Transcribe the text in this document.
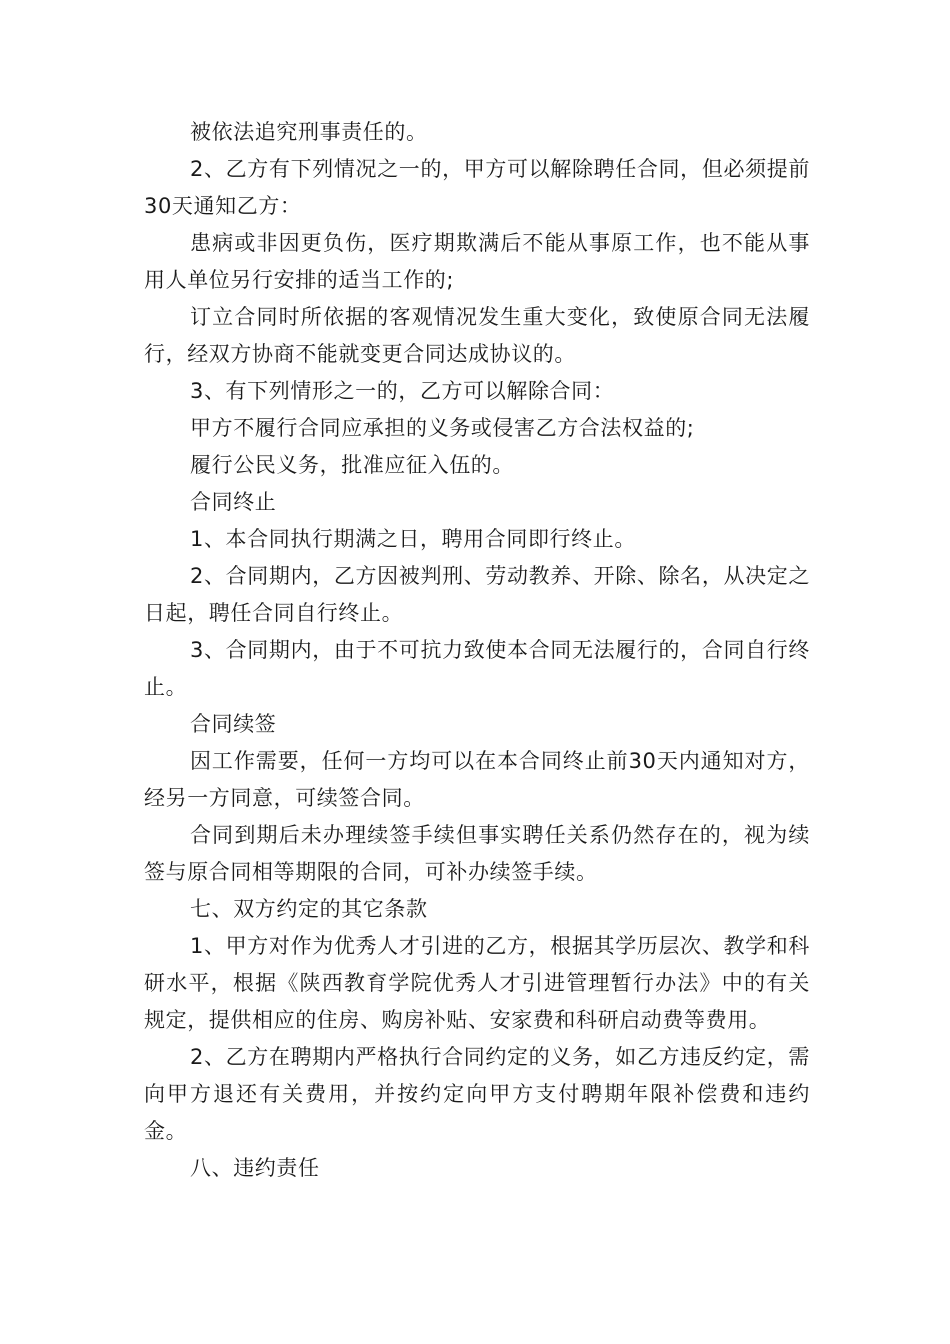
被依法追究刑事责任的。

2、乙方有下列情况之一的，甲方可以解除聘任合同，但必须提前30天通知乙方：

患病或非因更负伤，医疗期欺满后不能从事原工作，也不能从事用人单位另行安排的适当工作的;

订立合同时所依据的客观情况发生重大变化，致使原合同无法履行，经双方协商不能就变更合同达成协议的。

3、有下列情形之一的，乙方可以解除合同：

甲方不履行合同应承担的义务或侵害乙方合法权益的;

履行公民义务，批准应征入伍的。

合同终止

1、本合同执行期满之日，聘用合同即行终止。

2、合同期内，乙方因被判刑、劳动教养、开除、除名，从决定之日起，聘任合同自行终止。

3、合同期内，由于不可抗力致使本合同无法履行的，合同自行终止。

合同续签

因工作需要，任何一方均可以在本合同终止前30天内通知对方，经另一方同意，可续签合同。

合同到期后未办理续签手续但事实聘任关系仍然存在的，视为续签与原合同相等期限的合同，可补办续签手续。

七、双方约定的其它条款

1、甲方对作为优秀人才引进的乙方，根据其学历层次、教学和科研水平，根据《陕西教育学院优秀人才引进管理暂行办法》中的有关规定，提供相应的住房、购房补贴、安家费和科研启动费等费用。

2、乙方在聘期内严格执行合同约定的义务，如乙方违反约定，需向甲方退还有关费用，并按约定向甲方支付聘期年限补偿费和违约金。

八、违约责任
